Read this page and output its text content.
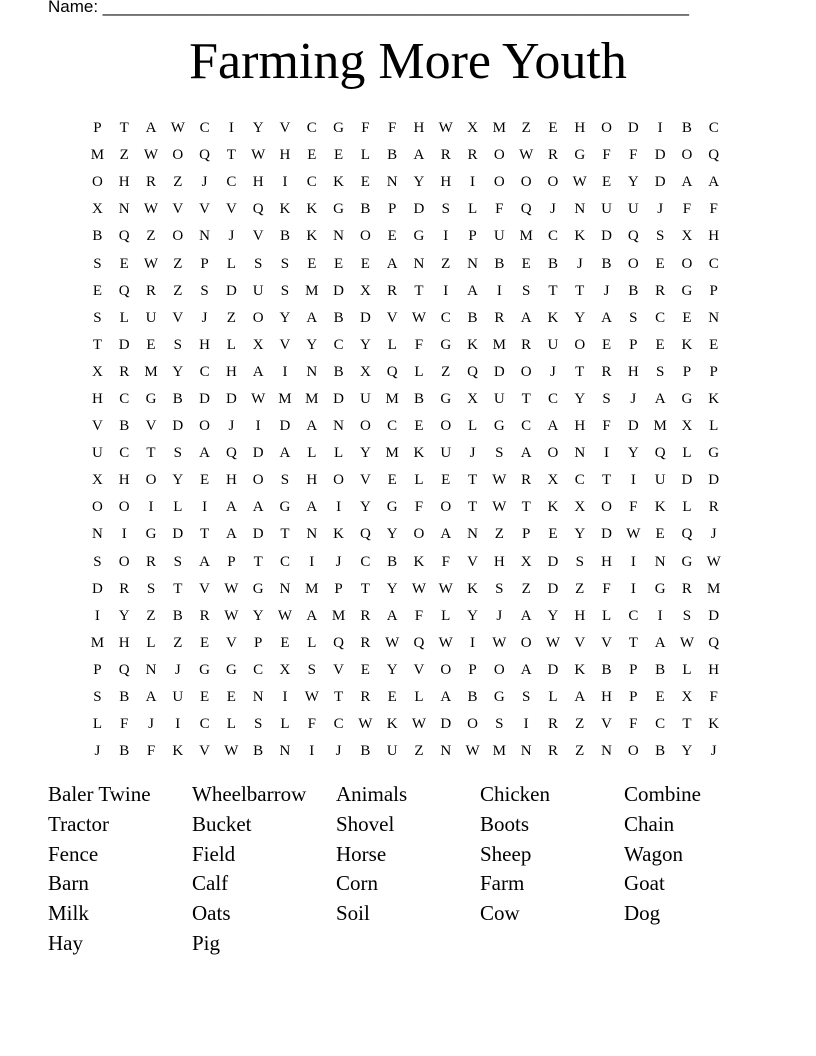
Name: ______________________________________________________________
Farming More Youth
P	T	A W C	I	Y	V	C	G	F	F	H W X M	Z	E	H	O	D	I	B	C
M	Z	W O	Q	T	W H	E	E	L	B	A	R	R	O W R	G	F	F	D	O	Q
O	H	R	Z	J	C	H	I	C	K	E	N	Y	H	I	O	O	O W	E	Y	D	A	A
X	N W V	V	V	Q	K	K	G	B	P	D	S	L	F	Q	J	N	U	U	J	F	F
B	Q	Z	O	N	J	V	B	K	N	O	E	G	I	P	U M	C	K	D	Q	S	X	H
S	E	W	Z	P	L	S	S	E	E	E	A	N	Z	N	B	E	B	J	B	O	E	O	C
E	Q	R	Z	S	D	U	S	M D	X	R	T	I	A	I	S	T	T	J	B	R	G	P
S	L	U	V	J	Z	O	Y	A	B	D	V W C	B	R	A	K	Y	A	S	C	E	N
T	D	E	S	H	L	X	V	Y	C	Y	L	F	G	K M	R	U	O	E	P	E	K	E
X	R	M Y	C	H	A	I	N	B	X	Q	L	Z	Q	D	O	J	T	R	H	S	P	P
H	C	G	B	D	D W M M D	U M	B	G	X	U	T	C	Y	S	J	A	G	K
V	B	V	D	O	J	I	D	A	N	O	C	E	O	L	G	C	A	H	F	D M X	L
U	C	T	S	A	Q	D	A	L	L	Y M K	U	J	S	A	O	N	I	Y	Q	L	G
X	H	O	Y	E	H	O	S	H	O	V	E	L	E	T	W R	X	C	T	I	U	D	D
O	O	I	L	I	A	A	G	A	I	Y	G	F	O	T	W	T	K	X	O	F	K	L	R
N	I	G	D	T	A	D	T	N	K	Q	Y	O	A	N	Z	P	E	Y	D W	E	Q	J
S	O	R	S	A	P	T	C	I	J	C	B	K	F	V	H	X	D	S	H	I	N	G W
D	R	S	T	V W G	N M	P	T	Y W W K	S	Z	D	Z	F	I	G	R	M
I	Y	Z	B	R W Y W A M	R	A	F	L	Y	J	A	Y	H	L	C	I	S	D
M H	L	Z	E	V	P	E	L	Q	R W Q W	I	W O W V	V	T	A W Q
P	Q	N	J	G	G	C	X	S	V	E	Y	V	O	P	O	A	D	K	B	P	B	L	H
S	B	A	U	E	E	N	I	W	T	R	E	L	A	B	G	S	L	A	H	P	E	X	F
L	F	J	I	C	L	S	L	F	C W K W D	O	S	I	R	Z	V	F	C	T	K
J	B	F	K	V W B	N	I	J	B	U	Z	N W M N	R	Z	N	O	B	Y	J
Baler Twine	Wheelbarrow	Animals	Chicken	Combine
Tractor	Bucket	Shovel	Boots	Chain
Fence	Field	Horse	Sheep	Wagon
Barn	Calf	Corn	Farm	Goat
Milk	Oats	Soil	Cow	Dog
Hay	Pig
